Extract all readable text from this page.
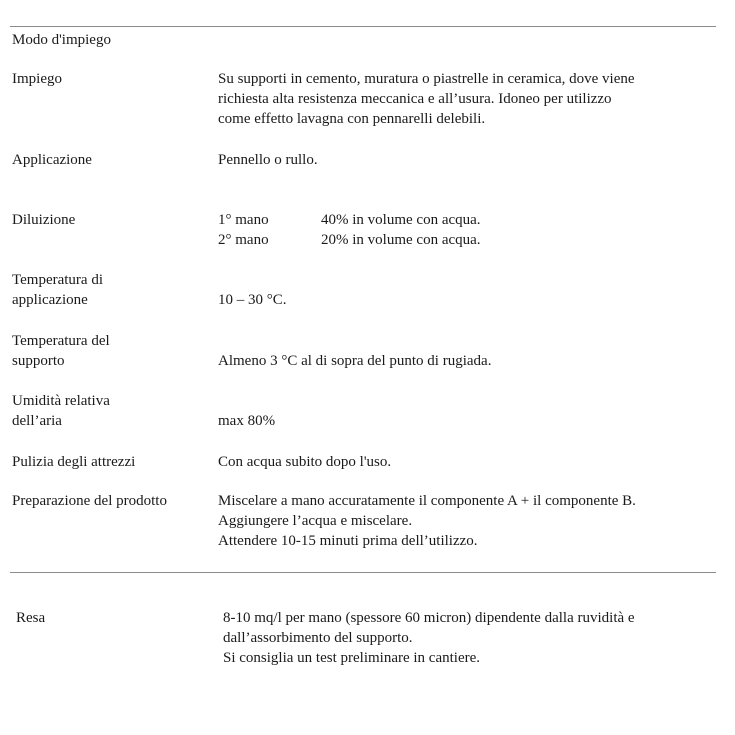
Modo d'impiego
Impiego	Su supporti in cemento, muratura o piastrelle in ceramica, dove viene
richiesta alta resistenza meccanica e all’usura. Idoneo per utilizzo
come effetto lavagna con pennarelli delebili.
Applicazione	Pennello o rullo.
Diluizione	1° mano	40% in volume con acqua.
2° mano	20% in volume con acqua.
Temperatura di
applicazione	10 – 30 °C.
Temperatura del
supporto	Almeno 3 °C al di sopra del punto di rugiada.
Umidità relativa
dell’aria	max 80%
Pulizia degli attrezzi	Con acqua subito dopo l'uso.
Preparazione del prodotto	Miscelare a mano accuratamente il componente A + il componente B.
Aggiungere l’acqua e miscelare.
Attendere 10-15 minuti prima dell’utilizzo.
Resa	8-10 mq/l per mano (spessore 60 micron) dipendente dalla ruvidità e
dall’assorbimento del supporto.
Si consiglia un test preliminare in cantiere.
